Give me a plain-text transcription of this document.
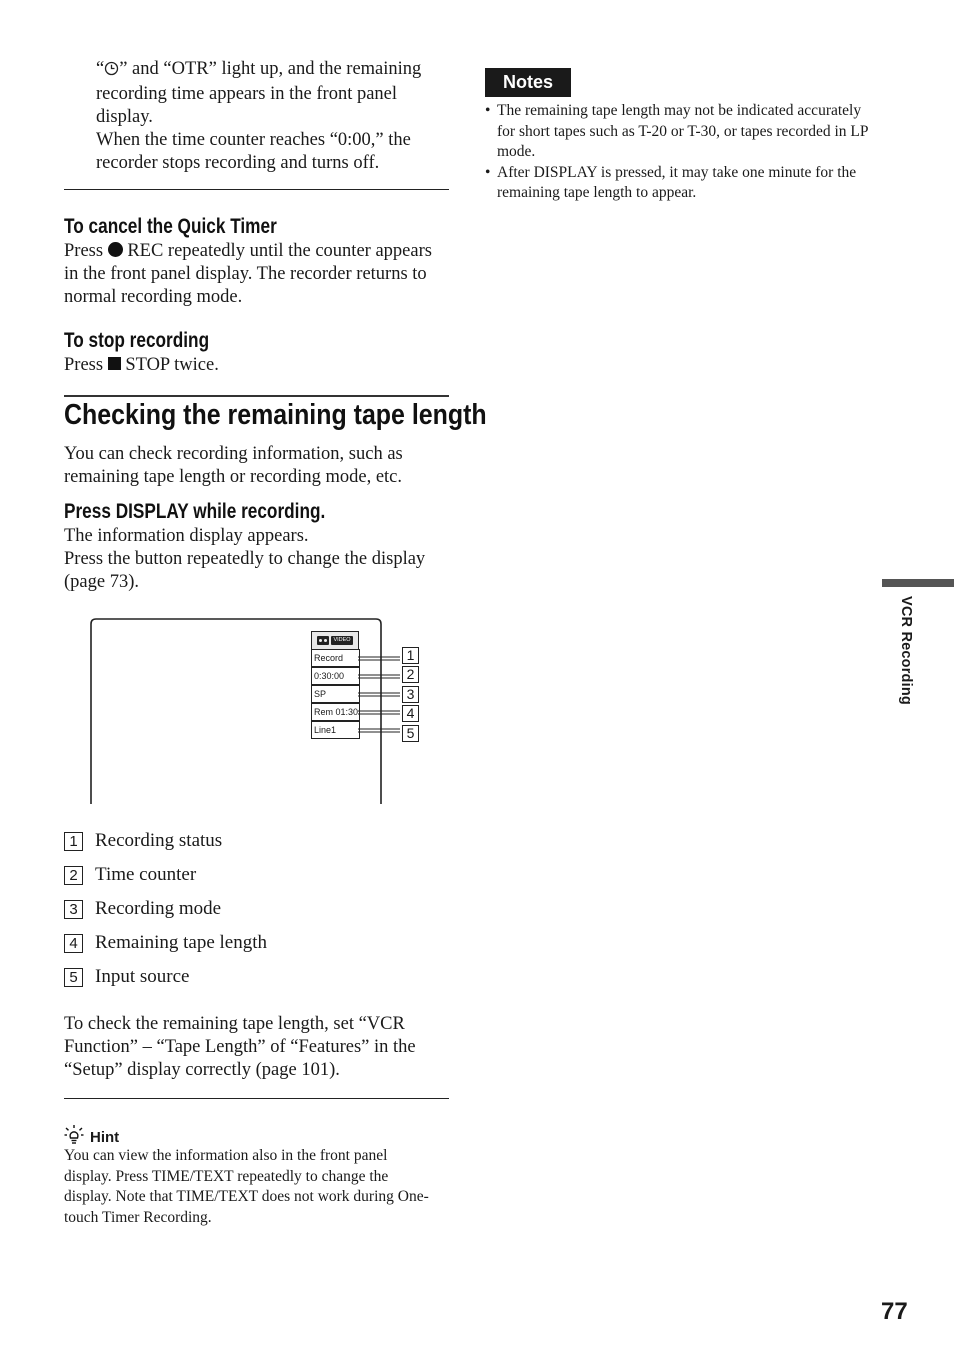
“ ” and “OTR” light up, and the remaining recording time appears in the front panel display.

When the time counter reaches “0:00,” the recorder stops recording and turns off.

To cancel the Quick Timer

Press  REC repeatedly until the counter appears in the front panel display. The recorder returns to normal recording mode.

To stop recording

Press  STOP twice.

Checking the remaining tape length
You can check recording information, such as remaining tape length or recording mode, etc.
Press DISPLAY while recording.

The information display appears.

Press the button repeatedly to change the display (page 73).

VIDEO
Record
0:30:00
SP
Rem 01:30
Line1
1
2
3
4
5
1 Recording status
2 Time counter
3 Recording mode
4 Remaining tape length
5 Input source
To check the remaining tape length, set “VCR Function” – “Tape Length” of “Features” in the “Setup” display correctly (page 101).
Hint
You can view the information also in the front panel display. Press TIME/TEXT repeatedly to change the display. Note that TIME/TEXT does not work during One-touch Timer Recording.
Notes
• The remaining tape length may not be indicated accurately for short tapes such as T-20 or T-30, or tapes recorded in LP mode.
• After DISPLAY is pressed, it may take one minute for the remaining tape length to appear.
VCR Recording
77
